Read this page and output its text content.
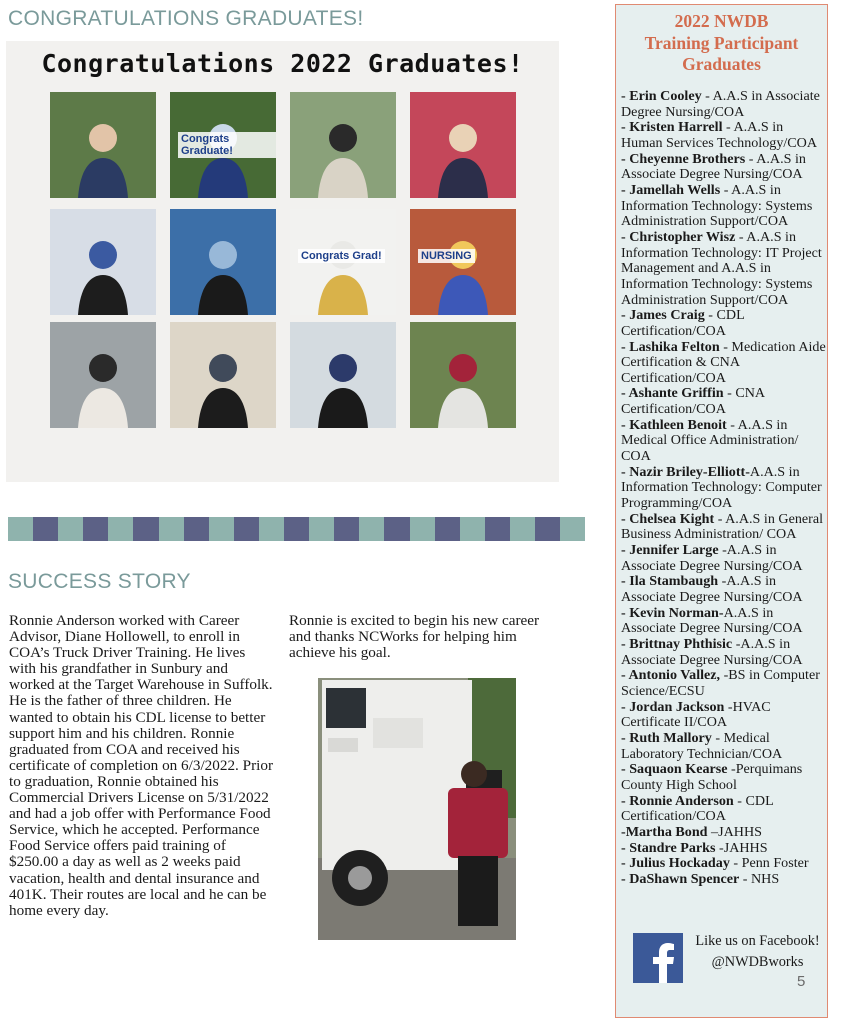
CONGRATULATIONS GRADUATES!
Congratulations 2022 Graduates!
Congrats Graduate!
Congrats Grad!	NURSING
SUCCESS STORY
Ronnie Anderson worked with Career Advisor, Diane Hollowell, to enroll in COA’s Truck Driver Training. He lives with his grandfather in Sunbury and worked at the Target Warehouse in Suffolk. He is the father of three children. He wanted to obtain his CDL license to better support him and his children. Ronnie graduated from COA and received his certificate of completion on 6/3/2022. Prior to graduation, Ronnie obtained his Commercial Drivers License on 5/31/2022 and had a job offer with Performance Food Service, which he accepted. Performance Food Service offers paid training of $250.00 a day as well as 2 weeks paid vacation, health and dental insurance and 401K. Their routes are local and he can be home every day.
Ronnie is excited to begin his new career and thanks NCWorks for helping him achieve his goal.
2022 NWDB
Training Participant
Graduates

- Erin Cooley - A.A.S in Associate Degree Nursing/COA

- Kristen Harrell - A.A.S in Human Services Technology/COA

- Cheyenne Brothers - A.A.S in Associate Degree Nursing/COA

- Jamellah Wells - A.A.S in Information Technology: Systems Administration Support/COA

- Christopher Wisz - A.A.S in Information Technology: IT Project Management and A.A.S in Information Technology: Systems Administration Support/COA

- James Craig - CDL Certification/COA

- Lashika Felton - Medication Aide Certification & CNA Certification/COA

- Ashante Griffin - CNA Certification/COA

- Kathleen Benoit - A.A.S in Medical Office Administration/ COA

- Nazir Briley-Elliott-A.A.S in Information Technology: Computer Programming/COA

- Chelsea Kight - A.A.S in General Business Administration/ COA

- Jennifer Large -A.A.S in Associate Degree Nursing/COA

- Ila Stambaugh -A.A.S in Associate Degree Nursing/COA

- Kevin Norman-A.A.S in Associate Degree Nursing/COA

- Brittnay Phthisic -A.A.S in Associate Degree Nursing/COA

- Antonio Vallez, -BS in Computer Science/ECSU

- Jordan Jackson -HVAC Certificate II/COA

- Ruth Mallory - Medical Laboratory Technician/COA

- Saquaon Kearse -Perquimans County High School

- Ronnie Anderson - CDL Certification/COA

-Martha Bond –JAHHS

- Standre Parks -JAHHS

- Julius Hockaday - Penn Foster

- DaShawn Spencer - NHS

Like us on Facebook!
@NWDBworks
5
